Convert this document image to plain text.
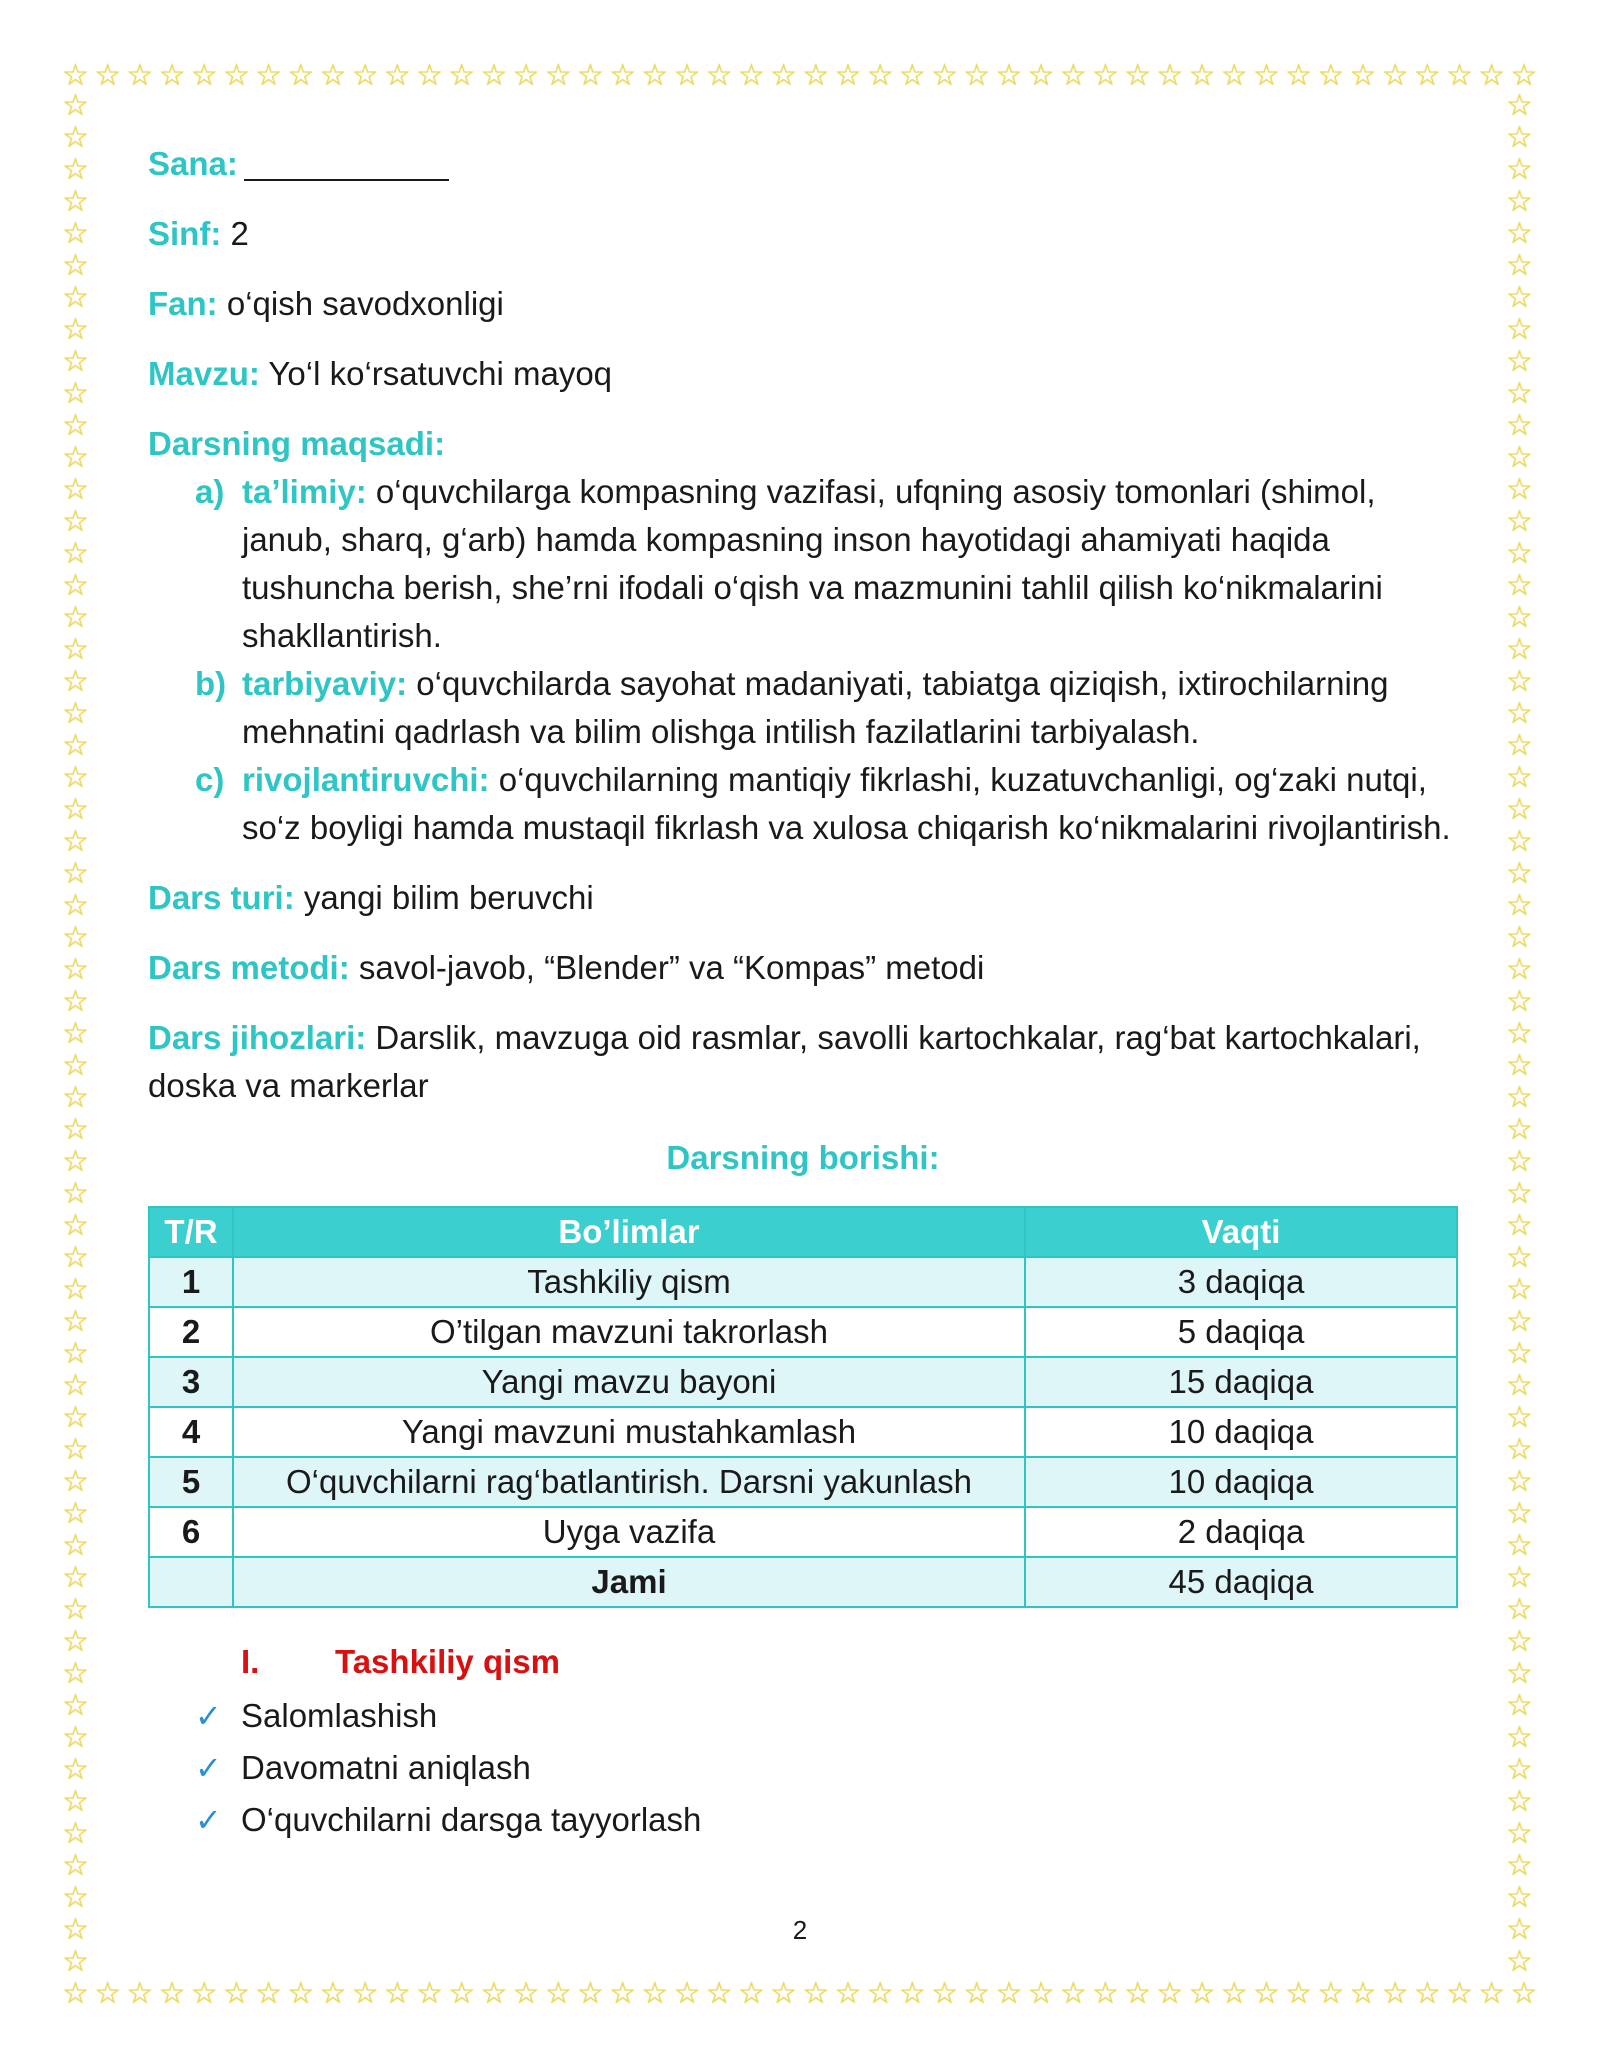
☆ ☆ ☆ ☆ ☆ ☆ ☆ ☆ ☆ ☆ ☆ ☆ ☆ ☆ ☆ ☆ ☆ ☆ ☆ ☆ ☆ ☆ ☆ ☆ ☆ ☆ ☆ ☆ ☆ ☆ ☆ ☆ ☆ ☆ ☆ ☆ ☆ ☆ ☆ ☆ ☆ ☆ ☆ ☆ ☆ ☆
☆ ☆ ☆ ☆ ☆ ☆ ☆ ☆ ☆ ☆ ☆ ☆ ☆ ☆ ☆ ☆ ☆ ☆ ☆ ☆ ☆ ☆ ☆ ☆ ☆ ☆ ☆ ☆ ☆ ☆ ☆ ☆ ☆ ☆ ☆ ☆ ☆ ☆ ☆ ☆ ☆ ☆ ☆ ☆ ☆ ☆
☆
☆
☆
☆
☆
☆
☆
☆
☆
☆
☆
☆
☆
☆
☆
☆
☆
☆
☆
☆
☆
☆
☆
☆
☆
☆
☆
☆
☆
☆
☆
☆
☆
☆
☆
☆
☆
☆
☆
☆
☆
☆
☆
☆
☆
☆
☆
☆
☆
☆
☆
☆
☆
☆
☆
☆
☆
☆
☆
☆
☆
☆
☆
☆
☆
☆
☆
☆
☆
☆
☆
☆
☆
☆
☆
☆
☆
☆
☆
☆
☆
☆
☆
☆
☆
☆
☆
☆
☆
☆
☆
☆
☆
☆
☆
☆
☆
☆
☆
☆
☆
☆
☆
☆
☆
☆
☆
☆
☆
☆
☆
☆
☆
☆
☆
☆
☆
☆

Sana:

Sinf: 2

Fan: o‘qish savodxonligi

Mavzu: Yo‘l ko‘rsatuvchi mayoq

Darsning maqsadi:

a) ta’limiy: o‘quvchilarga kompasning vazifasi, ufqning asosiy tomonlari (shimol, janub, sharq, g‘arb) hamda kompasning inson hayotidagi ahamiyati haqida tushuncha berish, she’rni ifodali o‘qish va mazmunini tahlil qilish ko‘nikmalarini shakllantirish.
b) tarbiyaviy: o‘quvchilarda sayohat madaniyati, tabiatga qiziqish, ixtirochilarning mehnatini qadrlash va bilim olishga intilish fazilatlarini tarbiyalash.
c) rivojlantiruvchi: o‘quvchilarning mantiqiy fikrlashi, kuzatuvchanligi, og‘zaki nutqi, so‘z boyligi hamda mustaqil fikrlash va xulosa chiqarish ko‘nikmalarini rivojlantirish.

Dars turi: yangi bilim beruvchi

Dars metodi: savol-javob, “Blender” va “Kompas” metodi

Dars jihozlari: Darslik, mavzuga oid rasmlar, savolli kartochkalar, rag‘bat kartochkalari, doska va markerlar

Darsning borishi:
T/R	Bo’limlar	Vaqti
1	Tashkiliy qism	3 daqiqa
2	O’tilgan mavzuni takrorlash	5 daqiqa
3	Yangi mavzu bayoni	15 daqiqa
4	Yangi mavzuni mustahkamlash	10 daqiqa
5	O‘quvchilarni rag‘batlantirish. Darsni yakunlash	10 daqiqa
6	Uyga vazifa	2 daqiqa
	Jami	45 daqiqa
I. Tashkiliy qism
✓ Salomlashish
✓ Davomatni aniqlash
✓ O‘quvchilarni darsga tayyorlash
2
